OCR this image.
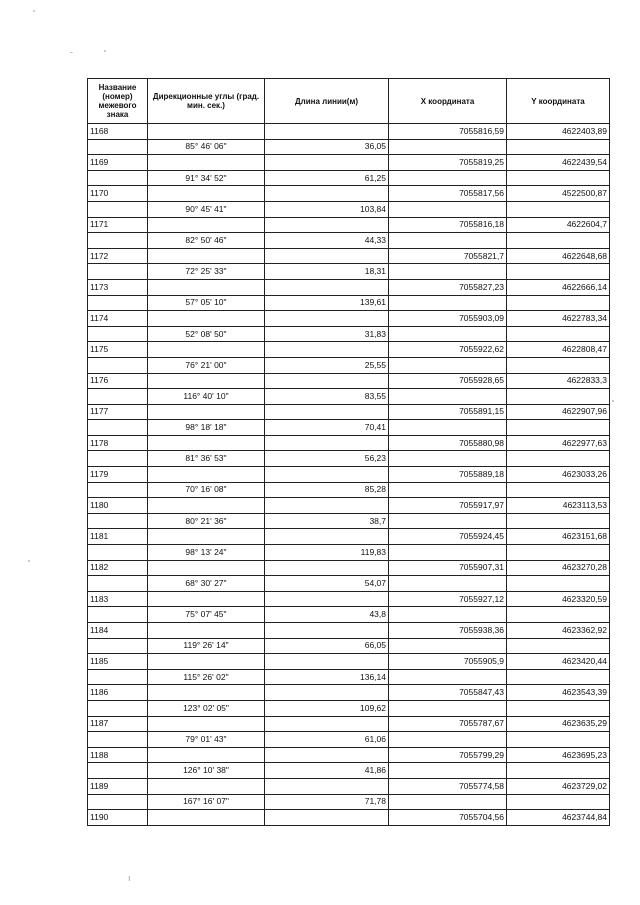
Название (номер) межевого знака	Дирекционные углы (град. мин. сек.)	Длина линии(м)	Х координата	Y координата
1168			7055816,59	4622403,89
	85° 46' 06"	36,05		
1169			7055819,25	4622439,54
	91° 34' 52"	61,25		
1170			7055817,56	4522500,87
	90° 45' 41"	103,84		
1171			7055816,18	4622604,7
	82° 50' 46"	44,33		
1172			7055821,7	4622648,68
	72° 25' 33"	18,31		
1173			7055827,23	4622666,14
	57° 05' 10"	139,61		
1174			7055903,09	4622783,34
	52° 08' 50"	31,83		
1175			7055922,62	4622808,47
	76° 21' 00"	25,55		
1176			7055928,65	4622833,3
	116° 40' 10"	83,55		
1177			7055891,15	4622907,96
	98° 18' 18"	70,41		
1178			7055880,98	4622977,63
	81° 36' 53"	56,23		
1179			7055889,18	4623033,26
	70° 16' 08"	85,28		
1180			7055917,97	4623113,53
	80° 21' 36"	38,7		
1181			7055924,45	4623151,68
	98° 13' 24"	119,83		
1182			7055907,31	4623270,28
	68° 30' 27"	54,07		
1183			7055927,12	4623320,59
	75° 07' 45"	43,8		
1184			7055938,36	4623362,92
	119° 26' 14"	66,05		
1185			7055905,9	4623420,44
	115° 26' 02"	136,14		
1186			7055847,43	4623543,39
	123° 02' 05"	109,62		
1187			7055787,67	4623635,29
	79° 01' 43"	61,06		
1188			7055799,29	4623695,23
	126° 10' 38"	41,86		
1189			7055774,58	4623729,02
	167° 16' 07"	71,78		
1190			7055704,56	4623744,84
ı
